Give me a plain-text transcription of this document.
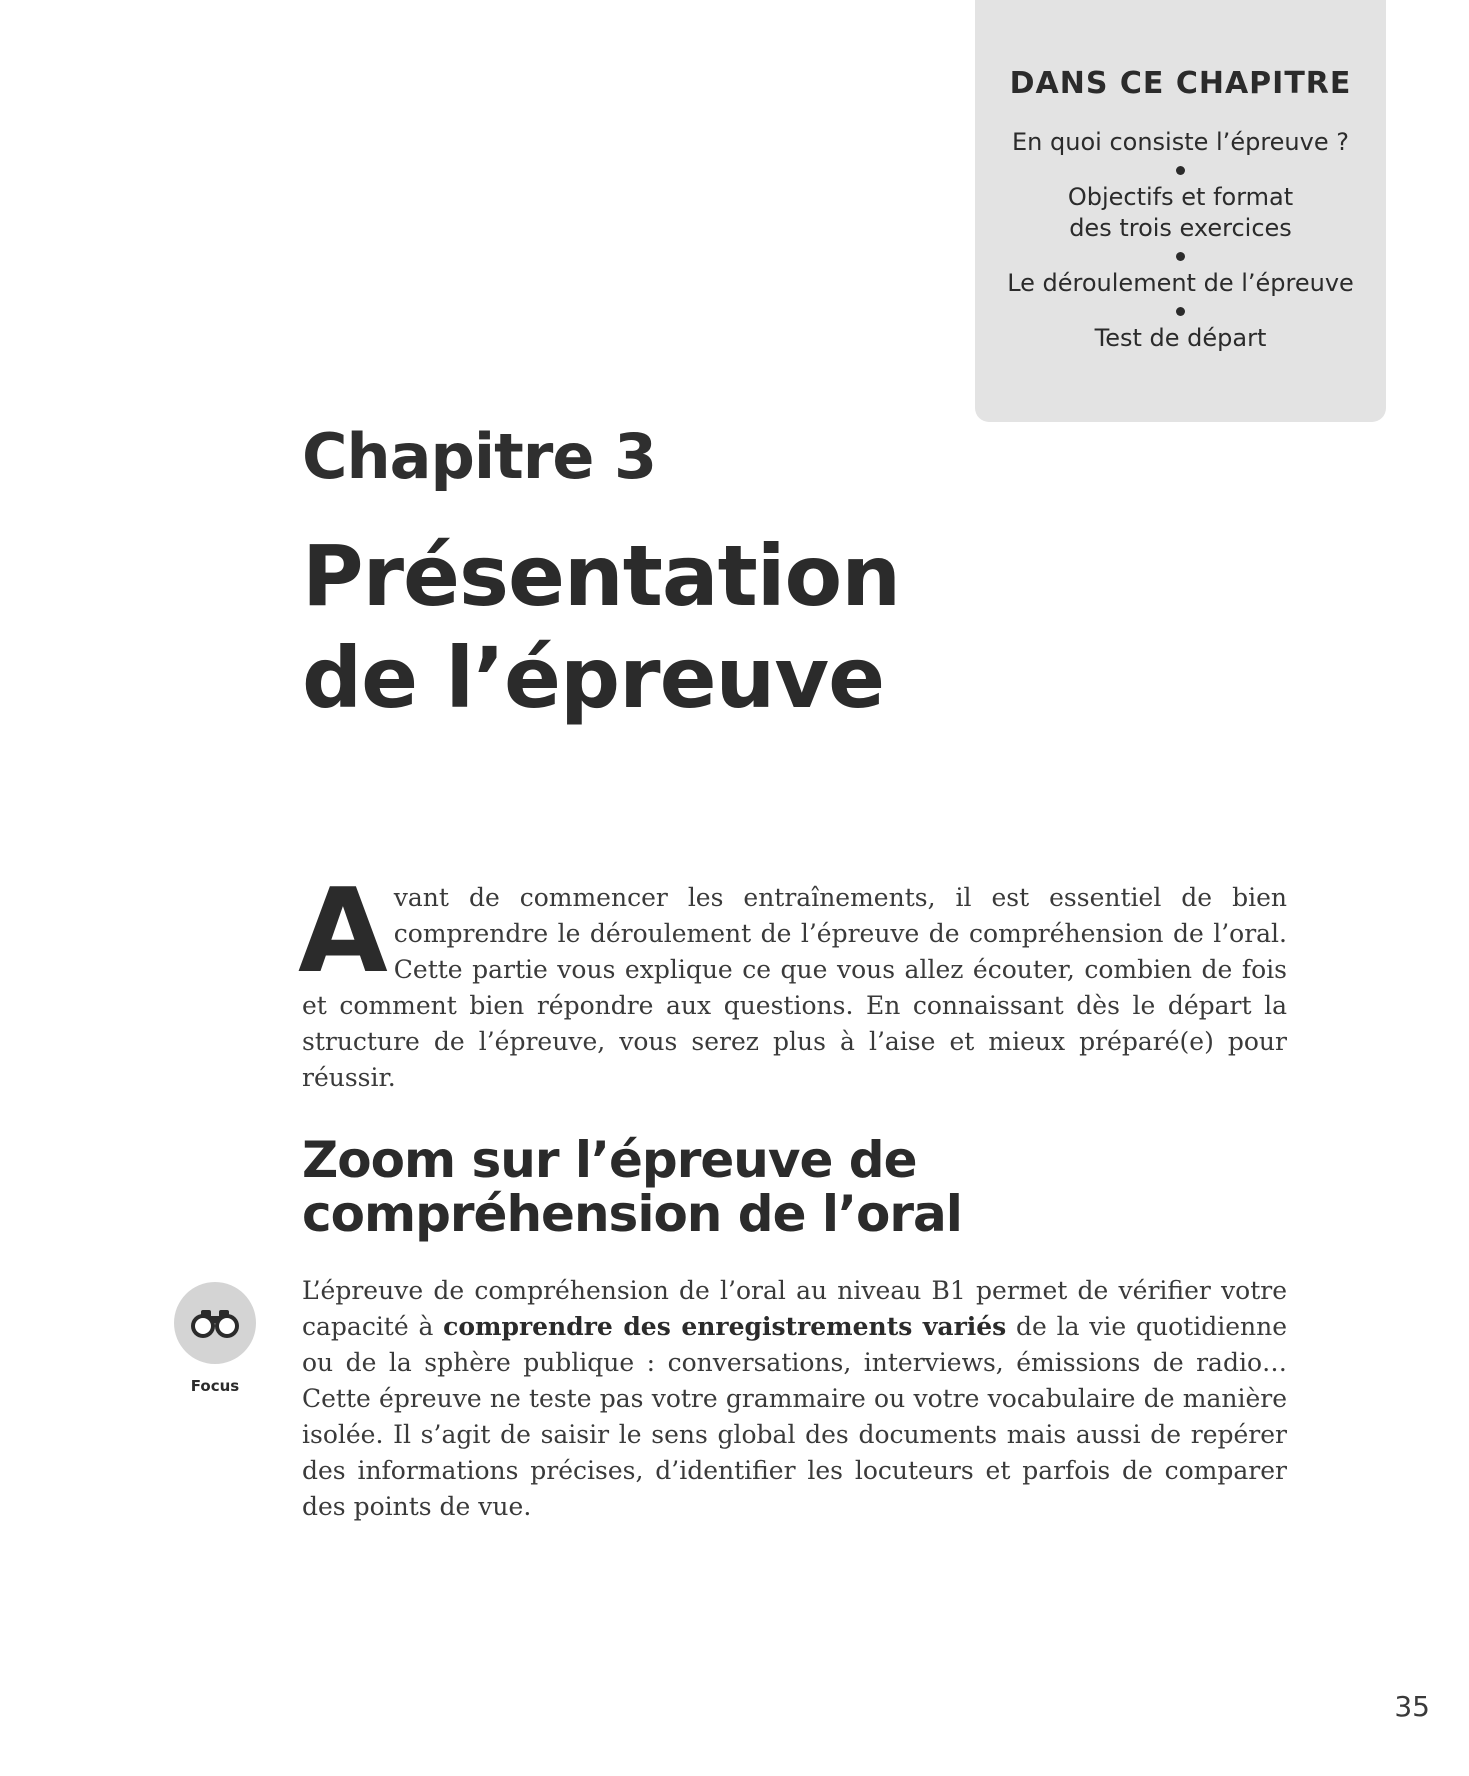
DANS CE CHAPITRE
En quoi consiste l’épreuve ?
Objectifs et format des trois exercices
Le déroulement de l’épreuve
Test de départ
Chapitre 3
Présentation
de l’épreuve

Avant de commencer les entraînements, il est essentiel de bien comprendre le déroulement de l’épreuve de compréhension de l’oral. Cette partie vous explique ce que vous allez écouter, combien de fois et comment bien répondre aux questions. En connaissant dès le départ la structure de l’épreuve, vous serez plus à l’aise et mieux préparé(e) pour réussir.

Zoom sur l’épreuve de
compréhension de l’oral
Focus

L’épreuve de compréhension de l’oral au niveau B1 permet de vérifier votre capacité à comprendre des enregistrements variés de la vie quotidienne ou de la sphère publique : conversations, interviews, émissions de radio… Cette épreuve ne teste pas votre grammaire ou votre vocabulaire de manière isolée. Il s’agit de saisir le sens global des documents mais aussi de repérer des informations précises, d’identifier les locuteurs et parfois de comparer des points de vue.

35
